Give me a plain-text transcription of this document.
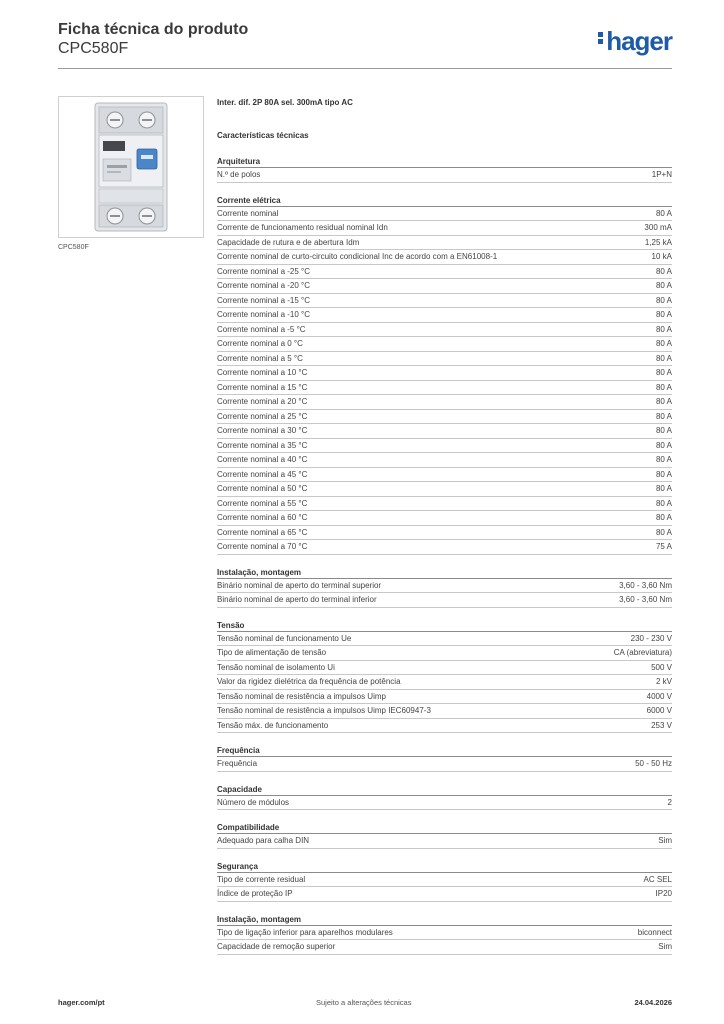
Ficha técnica do produto
CPC580F	hager
CPC580F
Inter. dif. 2P 80A sel. 300mA tipo AC
Características técnicas
Arquitetura
N.º de polos	1P+N
Corrente elétrica
Corrente nominal	80 A
Corrente de funcionamento residual nominal Idn	300 mA
Capacidade de rutura e de abertura Idm	1,25 kA
Corrente nominal de curto-circuito condicional Inc de acordo com a EN61008-1	10 kA
Corrente nominal a -25 °C	80 A
Corrente nominal a -20 °C	80 A
Corrente nominal a -15 °C	80 A
Corrente nominal a -10 °C	80 A
Corrente nominal a -5 °C	80 A
Corrente nominal a 0 °C	80 A
Corrente nominal a 5 °C	80 A
Corrente nominal a 10 °C	80 A
Corrente nominal a 15 °C	80 A
Corrente nominal a 20 °C	80 A
Corrente nominal a 25 °C	80 A
Corrente nominal a 30 °C	80 A
Corrente nominal a 35 °C	80 A
Corrente nominal a 40 °C	80 A
Corrente nominal a 45 °C	80 A
Corrente nominal a 50 °C	80 A
Corrente nominal a 55 °C	80 A
Corrente nominal a 60 °C	80 A
Corrente nominal a 65 °C	80 A
Corrente nominal a 70 °C	75 A
Instalação, montagem
Binário nominal de aperto do terminal superior	3,60 - 3,60 Nm
Binário nominal de aperto do terminal inferior	3,60 - 3,60 Nm
Tensão
Tensão nominal de funcionamento Ue	230 - 230 V
Tipo de alimentação de tensão	CA (abreviatura)
Tensão nominal de isolamento Ui	500 V
Valor da rigidez dielétrica da frequência de potência	2 kV
Tensão nominal de resistência a impulsos Uimp	4000 V
Tensão nominal de resistência a impulsos Uimp IEC60947-3	6000 V
Tensão máx. de funcionamento	253 V
Frequência
Frequência	50 - 50 Hz
Capacidade
Número de módulos	2
Compatibilidade
Adequado para calha DIN	Sim
Segurança
Tipo de corrente residual	AC SEL
Índice de proteção IP	IP20
Instalação, montagem
Tipo de ligação inferior para aparelhos modulares	biconnect
Capacidade de remoção superior	Sim
hager.com/pt	Sujeito a alterações técnicas	24.04.2026
